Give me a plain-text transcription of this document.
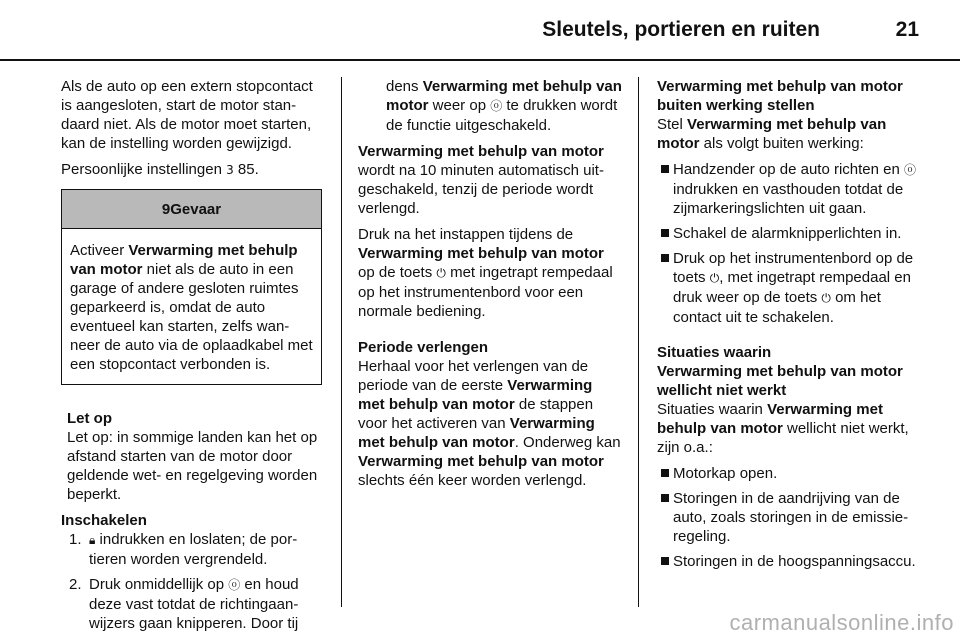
Sleutels, portieren en ruiten	21

Als de auto op een extern stopcontact is aangesloten, start de motor standaard niet. Als de motor moet starten, kan de instelling worden gewijzigd.

Persoonlijke instellingen 3 85.

9Gevaar
Activeer Verwarming met behulp van motor niet als de auto in een garage of andere gesloten ruimtes geparkeerd is, omdat de auto eventueel kan starten, zelfs wanneer de auto via de oplaadkabel met een stopcontact verbonden is.
Let op

Let op: in sommige landen kan het op afstand starten van de motor door geldende wet- en regelgeving worden beperkt.

Inschakelen
1. 🔒︎ indrukken en loslaten; de portieren worden vergrendeld.
2. Druk onmiddellijk op ⓞ en houd deze vast totdat de richtingaanwijzers gaan knipperen. Door tij

dens Verwarming met behulp van motor weer op ⓞ te drukken wordt de functie uitgeschakeld.

Verwarming met behulp van motor wordt na 10 minuten automatisch uitgeschakeld, tenzij de periode wordt verlengd.

Druk na het instappen tijdens de Verwarming met behulp van motor op de toets ⏻ met ingetrapt rempedaal op het instrumentenbord voor een normale bediening.

Periode verlengen

Herhaal voor het verlengen van de periode van de eerste Verwarming met behulp van motor de stappen voor het activeren van Verwarming met behulp van motor. Onderweg kan Verwarming met behulp van motor slechts één keer worden verlengd.

Verwarming met behulp van motor buiten werking stellen

Stel Verwarming met behulp van motor als volgt buiten werking:

Handzender op de auto richten en ⓞ indrukken en vasthouden totdat de zijmarkeringslichten uit gaan.
Schakel de alarmknipperlichten in.
Druk op het instrumentenbord op de toets ⏻, met ingetrapt rempedaal en druk weer op de toets ⏻ om het contact uit te schakelen.
Situaties waarin
Verwarming met behulp van motor wellicht niet werkt

Situaties waarin Verwarming met behulp van motor wellicht niet werkt, zijn o.a.:

Motorkap open.
Storingen in de aandrijving van de auto, zoals storingen in de emissieregeling.
Storingen in de hoogspanningsaccu.
carmanualsonline.info
